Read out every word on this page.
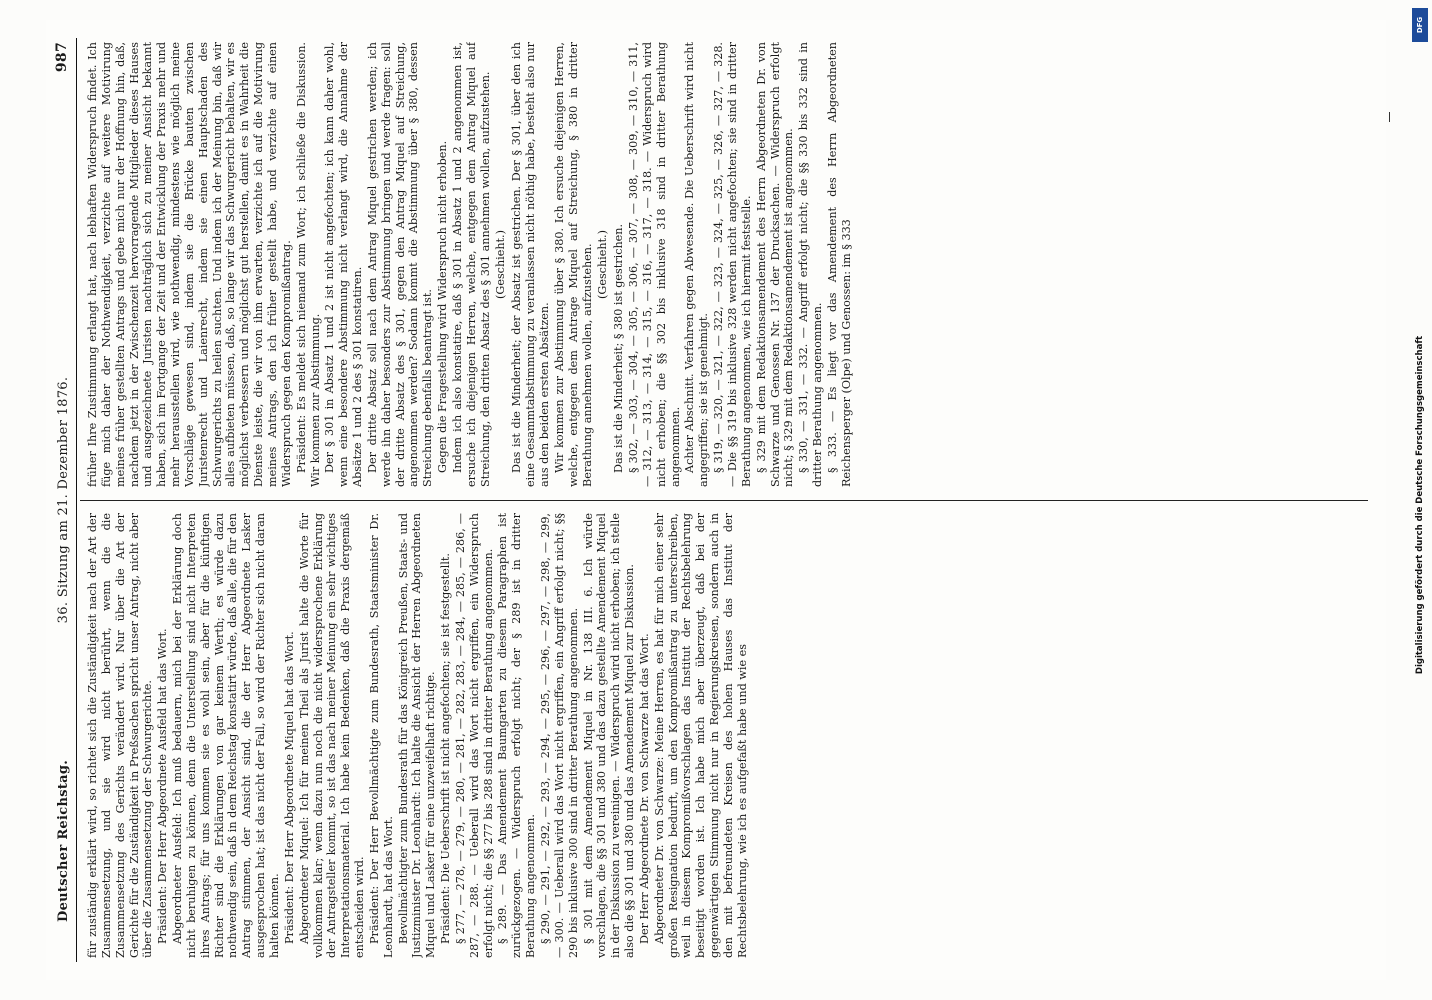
Deutscher Reichstag.
36. Sitzung am 21. Dezember 1876.
987

für zuständig erklärt wird, so richtet sich die Zuständigkeit nach der Art der Zusammensetzung, und sie wird nicht berührt, wenn die die Zusammensetzung des Gerichts verändert wird. Nur über die Art der Gerichte für die Zuständigkeit in Preßsachen spricht unser Antrag, nicht aber über die Zusammensetzung der Schwurgerichte. Präsident: Der Herr Abgeordnete Ausfeld hat das Wort. Abgeordneter Ausfeld: Ich muß bedauern, mich bei der Erklärung doch nicht beruhigen zu können, denn die Unterstellung sind nicht Interpreten ihres Antrags; für uns kommen sie es wohl sein, aber für die künftigen Richter sind die Erklärungen von gar keinem Werth; es würde dazu nothwendig sein, daß in dem Reichstag konstatirt würde, daß alle, die für den Antrag stimmen, der Ansicht sind, die der Herr Abgeordnete Lasker ausgesprochen hat; ist das nicht der Fall, so wird der Richter sich nicht daran halten können. Präsident: Der Herr Abgeordnete Miquel hat das Wort. Abgeordneter Miquel: Ich für meinen Theil als Jurist halte die Worte für vollkommen klar; wenn dazu nun noch die nicht widersprochene Erklärung der Antragsteller kommt, so ist das nach meiner Meinung ein sehr wichtiges Interpretationsmaterial. Ich habe kein Bedenken, daß die Praxis dergemäß entscheiden wird. Präsident: Der Herr Bevollmächtigte zum Bundesrath, Staatsminister Dr. Leonhardt, hat das Wort. Bevollmächtigter zum Bundesrath für das Königreich Preußen, Staats- und Justizminister Dr. Leonhardt: Ich halte die Ansicht der Herren Abgeordneten Miquel und Lasker für eine unzweifelhaft richtige. Präsident: Die Ueberschrift ist nicht angefochten; sie ist festgestellt. § 277, — 278, — 279, — 280, — 281, — 282, 283, — 284, — 285, — 286, — 287, — 288. — Ueberall wird das Wort nicht ergriffen, ein Widerspruch erfolgt nicht; die §§ 277 bis 288 sind in dritter Berathung angenommen. § 289. — Das Amendement Baumgarten zu diesem Paragraphen ist zurückgezogen. — Widerspruch erfolgt nicht; der § 289 ist in dritter Berathung angenommen. § 290, — 291, — 292, — 293, — 294, — 295, — 296, — 297, — 298, — 299, — 300. — Ueberall wird das Wort nicht ergriffen, ein Angriff erfolgt nicht; §§ 290 bis inklusive 300 sind in dritter Berathung angenommen. § 301 mit dem Amendement Miquel in Nr. 138 III. 6. Ich würde vorschlagen, die §§ 301 und 380 und das dazu gestellte Amendement Miquel in der Diskussion zu vereinigen. — Widerspruch wird nicht erhoben; ich stelle also die §§ 301 und 380 und das Amendement Miquel zur Diskussion. Der Herr Abgeordnete Dr. von Schwarze hat das Wort. Abgeordneter Dr. von Schwarze: Meine Herren, es hat für mich einer sehr großen Resignation bedurft, um den Kompromißantrag zu unterschreiben, weil in diesem Kompromißvorschlagen das Institut der Rechtsbelehrung beseitigt worden ist. Ich habe mich aber überzeugt, daß bei der gegenwärtigen Stimmung nicht nur in Regierungskreisen, sondern auch in den mit befreundeten Kreisen des hohen Hauses das Institut der Rechtsbelehrung, wie ich es aufgefaßt habe und wie es

früher Ihre Zustimmung erlangt hat, nach lebhaften Widerspruch findet. Ich füge mich daher der Nothwendigkeit, verzichte auf weitere Motivirung meines früher gestellten Antrags und gebe mich nur der Hoffnung hin, daß, nachdem jetzt in der Zwischenzeit hervorragende Mitglieder dieses Hauses und ausgezeichnete Juristen nachträglich sich zu meiner Ansicht bekannt haben, sich im Fortgange der Zeit und der Entwicklung der Praxis mehr und mehr herausstellen wird, wie nothwendig, mindestens wie möglich meine Vorschläge gewesen sind, indem sie die Brücke bauten zwischen Juristenrecht und Laienrecht, indem sie einen Hauptschaden des Schwurgerichts zu heilen suchten. Und indem ich der Meinung bin, daß wir alles aufbieten müssen, daß, so lange wir das Schwurgericht behalten, wir es möglichst verbessern und möglichst gut herstellen, damit es in Wahrheit die Dienste leiste, die wir von ihm erwarten, verzichte ich auf die Motivirung meines Antrags, den ich früher gestellt habe, und verzichte auf einen Widerspruch gegen den Kompromißantrag. Präsident: Es meldet sich niemand zum Wort; ich schließe die Diskussion. Wir kommen zur Abstimmung. Der § 301 in Absatz 1 und 2 ist nicht angefochten; ich kann daher wohl, wenn eine besondere Abstimmung nicht verlangt wird, die Annahme der Absätze 1 und 2 des § 301 konstatiren. Der dritte Absatz soll nach dem Antrag Miquel gestrichen werden; ich werde ihn daher besonders zur Abstimmung bringen und werde fragen: soll der dritte Absatz des § 301, gegen den Antrag Miquel auf Streichung, angenommen werden? Sodann kommt die Abstimmung über § 380, dessen Streichung ebenfalls beantragt ist. Gegen die Fragestellung wird Widerspruch nicht erhoben. Indem ich also konstatire, daß § 301 in Absatz 1 und 2 angenommen ist, ersuche ich diejenigen Herren, welche, entgegen dem Antrag Miquel auf Streichung, den dritten Absatz des § 301 annehmen wollen, aufzustehen. (Geschieht.) Das ist die Minderheit; der Absatz ist gestrichen. Der § 301, über den ich eine Gesammtabstimmung zu veranlassen nicht nöthig habe, besteht also nur aus den beiden ersten Absätzen. Wir kommen zur Abstimmung über § 380. Ich ersuche diejenigen Herren, welche, entgegen dem Antrage Miquel auf Streichung, § 380 in dritter Berathung annehmen wollen, aufzustehen. (Geschieht.) Das ist die Minderheit; § 380 ist gestrichen. § 302, — 303, — 304, — 305, — 306, — 307, — 308, — 309, — 310, — 311, — 312, — 313, — 314, — 315, — 316, — 317, — 318. — Widerspruch wird nicht erhoben; die §§ 302 bis inklusive 318 sind in dritter Berathung angenommen. Achter Abschnitt. Verfahren gegen Abwesende. Die Ueberschrift wird nicht angegriffen; sie ist genehmigt. § 319, — 320, — 321, — 322, — 323, — 324, — 325, — 326, — 327, — 328. — Die §§ 319 bis inklusive 328 werden nicht angefochten; sie sind in dritter Berathung angenommen, wie ich hiermit feststelle. § 329 mit dem Redaktionsamendement des Herrn Abgeordneten Dr. von Schwarze und Genossen Nr. 137 der Drucksachen. — Widerspruch erfolgt nicht; § 329 mit dem Redaktionsamendement ist angenommen. § 330, — 331, — 332. — Angriff erfolgt nicht; die §§ 330 bis 332 sind in dritter Berathung angenommen. § 333. — Es liegt vor das Amendement des Herrn Abgeordneten Reichensperger (Olpe) und Genossen: im § 333	Digitalisierung gefördert durch die Deutsche Forschungsgemeinschaft
DFG
